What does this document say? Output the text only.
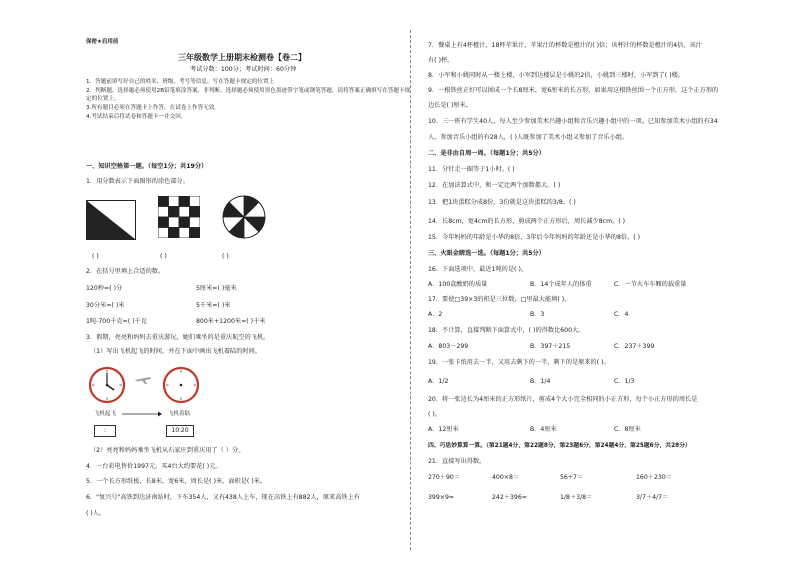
保密★启用前
三年级数学上册期末检测卷【卷二】
考试分数：100分；考试时间：60分钟
1．答题前填写好自己的姓名、班级、考号等信息，写在答题卡规定的位置上
2．判断题、选择题必须使用2B铅笔填涂答案，非判断、选择题必须使用黑色墨迹签字笔或钢笔答题，请将答案正确填写在答题卡规定的位置上。
3.所有题目必须在答题卡上作答，在试卷上作答无效。
4.考试结束后将试卷和答题卡一并交回。
一、知识空格第一题。（每空1分；共19分）
1．用分数表示下面图形的涂色部分。
( )	( )	( )
2．在括号里填上合适的数。
120秒=( )分	5厘米=( )毫米
30分米=( )米	5千米=( )米
1吨-700千克=( )千克	800米+1200米=( )千米
3．假期，亮亮和妈妈去重庆游玩，她们乘坐的是重庆航空的飞机。
（1）写出飞机起飞的时间，并在下面中画出飞机着陆的时间。
飞机起飞	飞机着陆
:	10∶20
（2）亮亮和妈妈乘坐飞机从石家庄到重庆用了（ ）分。
4．一台彩电售价1997元，买4台大约要花( )元。
5．一个长方形纸板，长8米，宽6米，周长是( )米，面积是( )米。
6．"复兴号"高铁到达济南站时，下车354人，又有438人上车，现在高铁上有882人，原来高铁上有
( )人。
7．餐桌上有4杯橙汁，18杯苹果汁，苹果汁的杯数是橙汁的( )倍；该杯汁的杯数是橙汁的4倍，该汁
有( )杯。
8．小军和小姚同时从一楼上楼，小军到达楼层是小姚的2倍，小姚到三楼时，小军到了( )楼。
9．一根铁丝正好可以围成一个长8厘米，宽6厘米的长方形，如果用这根铁丝围一个正方形，这个正方形的
边长是( )厘米。
10．三一班有学生40人，每人至少参加美术兴趣小组和音乐兴趣小组中的一项。已知参加美术小组的有34
人，参加音乐小组的有28人，( )人既参加了美术小组又参加了音乐小组。
二、是非由自周一周。（每题1分；共5分）
11．分针走一圈等于1小时。( )
12．在加法算式中，和一定比两个加数都大。( )
13．把1块蛋糕分成8份，3份就是这块蛋糕的3/8。( )
14．长8cm，宽4cm的长方形，剪成两个正方形后，周长减少8cm。( )
15．今年妈妈的年龄是小华的8倍，3年后今年妈妈的年龄还是小华的8倍。( )
三、火眼金睛选一选。（每题1分；共5分）
16．下面选项中，最近1吨的是( )。
A．100盒酸奶的质量	B．14个成年人的体重	C．一节火车车厢的载重量
17．要使□39×3的积是三位数，□里最大能填( )。
A．2	B．3	C．4
18．不计算，直接判断下面算式中，( )的得数比600大。
A．803－299	B．397＋215	C．237＋399
19．一张卡纸用去一半，又用去剩下的一半，剩下的是原来的( )。
A．1/2	B．1/4	C．1/3
20．将一张边长为4厘米的正方形纸片，剪成4个大小完全相同的小正方形，每个小正方形的周长是
( )。
A．12厘米	B．4厘米	C．8厘米
四、巧思妙算算一算。（第21题4分，第22题8分，第23题6分，第24题4分，第25题6分，共28分）
21．直接写出得数。
270＋90＝	400×8＝	56÷7＝	160＋230＝
399×9≈	242＋396≈	1/8＋3/8＝	3/7＋4/7＝
